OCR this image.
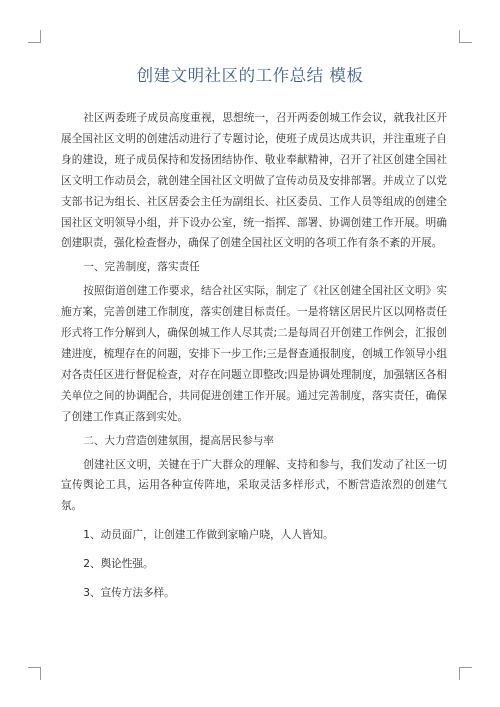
创建文明社区的工作总结 模板

社区两委班子成员高度重视，思想统一，召开两委创城工作会议，就我社区开展全国社区文明的创建活动进行了专题讨论，使班子成员达成共识，并注重班子自身的建设，班子成员保持和发扬团结协作、敬业奉献精神，召开了社区创建全国社区文明工作动员会，就创建全国社区文明做了宣传动员及安排部署。并成立了以党支部书记为组长、社区居委会主任为副组长、社区委员、工作人员等组成的创建全国社区文明领导小组，并下设办公室，统一指挥、部署、协调创建工作开展。明确创建职责，强化检查督办，确保了创建全国社区文明的各项工作有条不紊的开展。

一、完善制度，落实责任

按照街道创建工作要求，结合社区实际，制定了《社区创建全国社区文明》实施方案，完善创建工作制度，落实创建目标责任。一是将辖区居民片区以网格责任形式将工作分解到人，确保创城工作人尽其责;二是每周召开创建工作例会，汇报创建进度，梳理存在的问题，安排下一步工作;三是督查通报制度，创城工作领导小组对各责任区进行督促检查，对存在问题立即整改;四是协调处理制度，加强辖区各相关单位之间的协调配合，共同促进创建工作开展。通过完善制度，落实责任，确保了创建工作真正落到实处。

二、大力营造创建氛围，提高居民参与率

创建社区文明，关键在于广大群众的理解、支持和参与，我们发动了社区一切宣传舆论工具，运用各种宣传阵地，采取灵活多样形式，不断营造浓烈的创建气氛。

1、动员面广，让创建工作做到家喻户晓，人人皆知。

2、舆论性强。

3、宣传方法多样。
